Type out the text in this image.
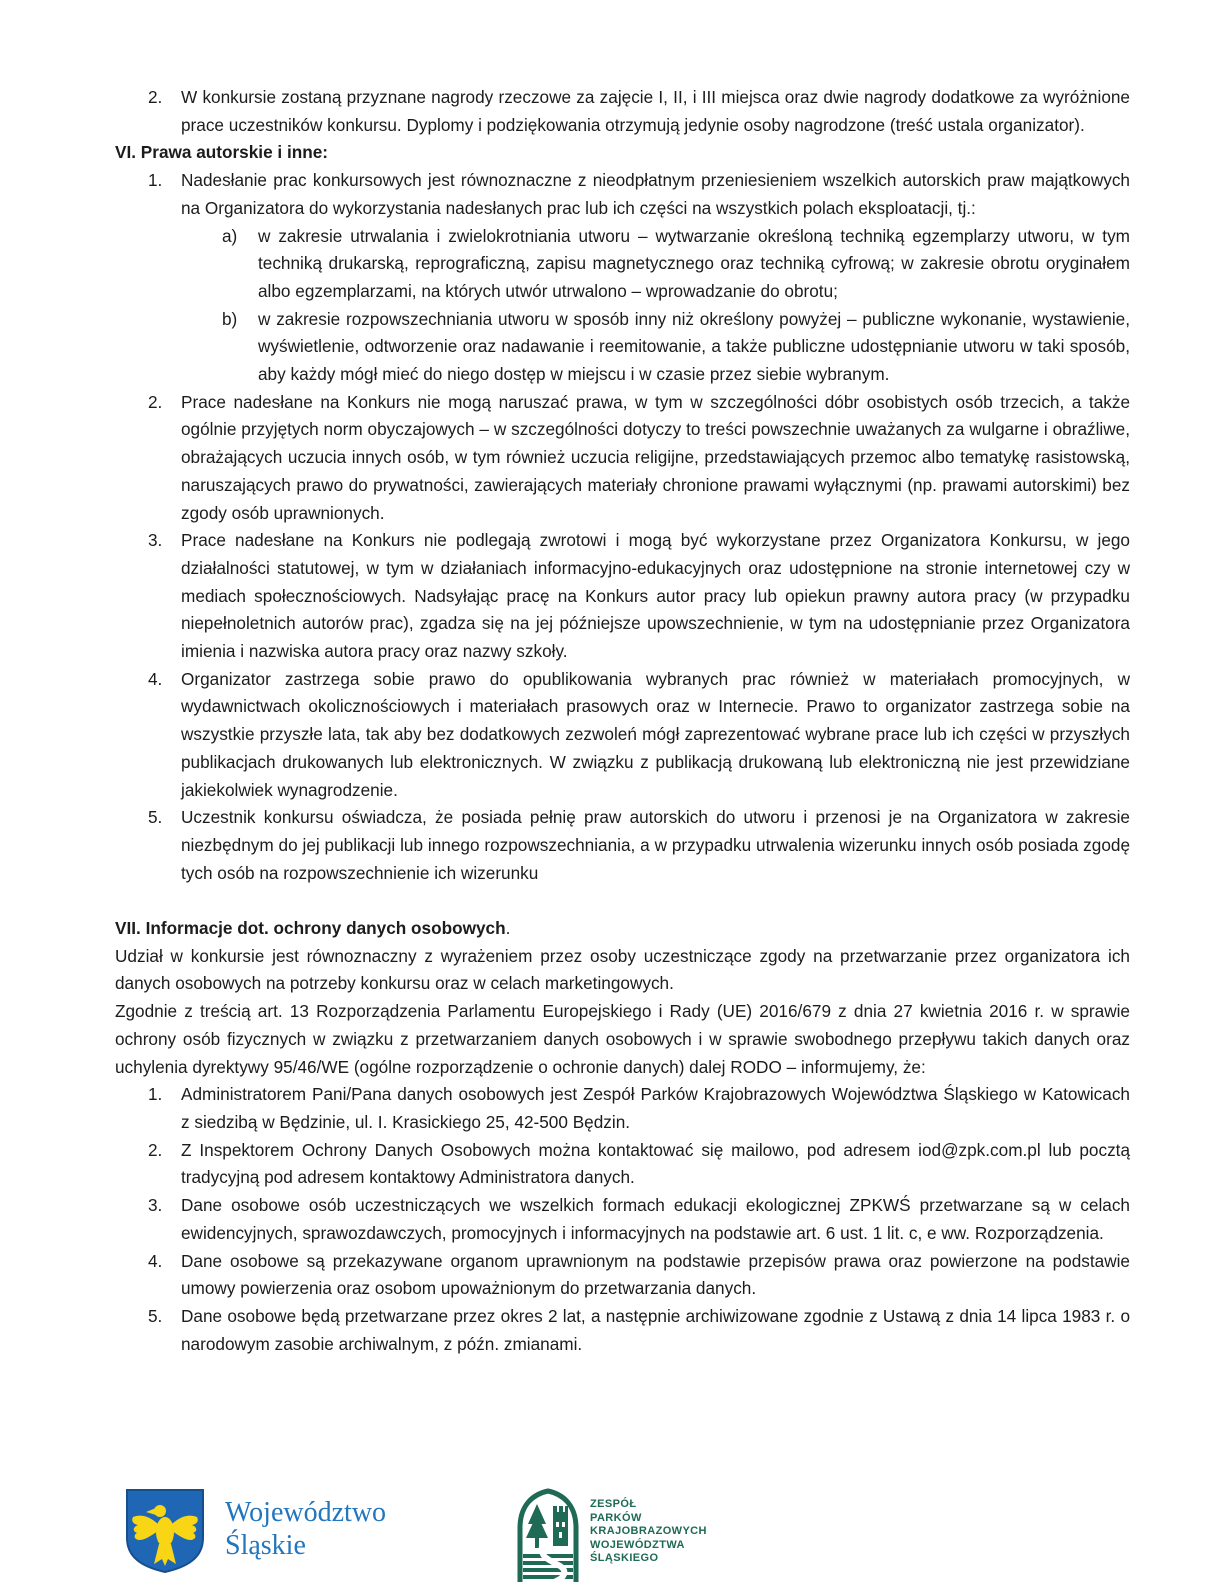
2. W konkursie zostaną przyznane nagrody rzeczowe za zajęcie I, II, i III miejsca oraz dwie nagrody dodatkowe za wyróżnione prace uczestników konkursu. Dyplomy i podziękowania otrzymują jedynie osoby nagrodzone (treść ustala organizator).
VI. Prawa autorskie i inne:
1. Nadesłanie prac konkursowych jest równoznaczne z nieodpłatnym przeniesieniem wszelkich autorskich praw majątkowych na Organizatora do wykorzystania nadesłanych prac lub ich części na wszystkich polach eksploatacji, tj.:
a) w zakresie utrwalania i zwielokrotniania utworu – wytwarzanie określoną techniką egzemplarzy utworu, w tym techniką drukarską, reprograficzną, zapisu magnetycznego oraz techniką cyfrową; w zakresie obrotu oryginałem albo egzemplarzami, na których utwór utrwalono – wprowadzanie do obrotu;
b) w zakresie rozpowszechniania utworu w sposób inny niż określony powyżej – publiczne wykonanie, wystawienie, wyświetlenie, odtworzenie oraz nadawanie i reemitowanie, a także publiczne udostępnianie utworu w taki sposób, aby każdy mógł mieć do niego dostęp w miejscu i w czasie przez siebie wybranym.
2. Prace nadesłane na Konkurs nie mogą naruszać prawa, w tym w szczególności dóbr osobistych osób trzecich, a także ogólnie przyjętych norm obyczajowych – w szczególności dotyczy to treści powszechnie uważanych za wulgarne i obraźliwe, obrażających uczucia innych osób, w tym również uczucia religijne, przedstawiających przemoc albo tematykę rasistowską, naruszających prawo do prywatności, zawierających materiały chronione prawami wyłącznymi (np. prawami autorskimi) bez zgody osób uprawnionych.
3. Prace nadesłane na Konkurs nie podlegają zwrotowi i mogą być wykorzystane przez Organizatora Konkursu, w jego działalności statutowej, w tym w działaniach informacyjno-edukacyjnych oraz udostępnione na stronie internetowej czy w mediach społecznościowych. Nadsyłając pracę na Konkurs autor pracy lub opiekun prawny autora pracy (w przypadku niepełnoletnich autorów prac), zgadza się na jej późniejsze upowszechnienie, w tym na udostępnianie przez Organizatora imienia i nazwiska autora pracy oraz nazwy szkoły.
4. Organizator zastrzega sobie prawo do opublikowania wybranych prac również w materiałach promocyjnych, w wydawnictwach okolicznościowych i materiałach prasowych oraz w Internecie. Prawo to organizator zastrzega sobie na wszystkie przyszłe lata, tak aby bez dodatkowych zezwoleń mógł zaprezentować wybrane prace lub ich części w przyszłych publikacjach drukowanych lub elektronicznych. W związku z publikacją drukowaną lub elektroniczną nie jest przewidziane jakiekolwiek wynagrodzenie.
5. Uczestnik konkursu oświadcza, że posiada pełnię praw autorskich do utworu i przenosi je na Organizatora w zakresie niezbędnym do jej publikacji lub innego rozpowszechniania, a w przypadku utrwalenia wizerunku innych osób posiada zgodę tych osób na rozpowszechnienie ich wizerunku
VII. Informacje dot. ochrony danych osobowych.
Udział w konkursie jest równoznaczny z wyrażeniem przez osoby uczestniczące zgody na przetwarzanie przez organizatora ich danych osobowych na potrzeby konkursu oraz w celach marketingowych.
Zgodnie z treścią art. 13 Rozporządzenia Parlamentu Europejskiego i Rady (UE) 2016/679 z dnia 27 kwietnia 2016 r. w sprawie ochrony osób fizycznych w związku z przetwarzaniem danych osobowych i w sprawie swobodnego przepływu takich danych oraz uchylenia dyrektywy 95/46/WE (ogólne rozporządzenie o ochronie danych) dalej RODO – informujemy, że:
1. Administratorem Pani/Pana danych osobowych jest Zespół Parków Krajobrazowych Województwa Śląskiego w Katowicach z siedzibą w Będzinie, ul. I. Krasickiego 25, 42-500 Będzin.
2. Z Inspektorem Ochrony Danych Osobowych można kontaktować się mailowo, pod adresem iod@zpk.com.pl lub pocztą tradycyjną pod adresem kontaktowy Administratora danych.
3. Dane osobowe osób uczestniczących we wszelkich formach edukacji ekologicznej ZPKWŚ przetwarzane są w celach ewidencyjnych, sprawozdawczych, promocyjnych i informacyjnych na podstawie art. 6 ust. 1 lit. c, e ww. Rozporządzenia.
4. Dane osobowe są przekazywane organom uprawnionym na podstawie przepisów prawa oraz powierzone na podstawie umowy powierzenia oraz osobom upoważnionym do przetwarzania danych.
5. Dane osobowe będą przetwarzane przez okres 2 lat, a następnie archiwizowane zgodnie z Ustawą z dnia 14 lipca 1983 r. o narodowym zasobie archiwalnym, z późn. zmianami.
Województwo
Śląskie
ZESPÓŁ
PARKÓW
KRAJOBRAZOWYCH
WOJEWÓDZTWA
ŚLĄSKIEGO
